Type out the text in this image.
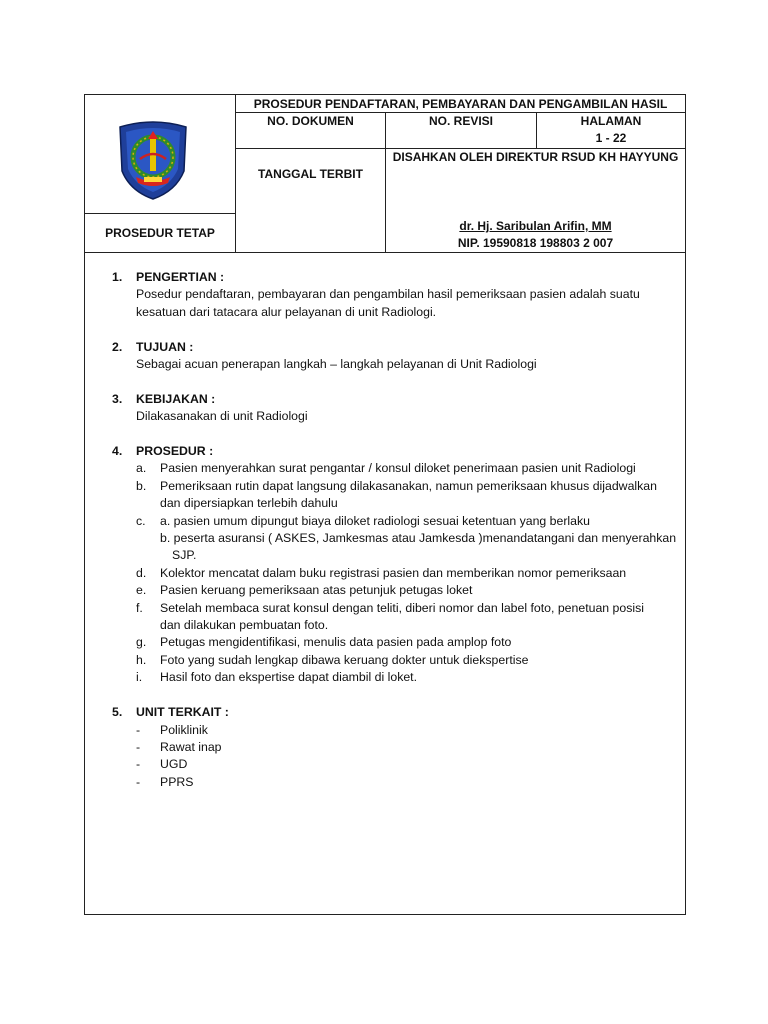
PROSEDUR PENDAFTARAN, PEMBAYARAN DAN PENGAMBILAN HASIL
NO. DOKUMEN	NO. REVISI	HALAMAN
1 - 22
TANGGAL TERBIT
DISAHKAN OLEH DIREKTUR RSUD KH HAYYUNG
dr. Hj. Saribulan Arifin, MM
NIP. 19590818 198803 2 007
PROSEDUR TETAP
1.	PENGERTIAN :
Posedur pendaftaran, pembayaran dan pengambilan hasil pemeriksaan pasien adalah suatu
kesatuan dari tatacara alur pelayanan di unit Radiologi.
2.	TUJUAN :
Sebagai acuan penerapan langkah – langkah pelayanan di Unit Radiologi
3.	KEBIJAKAN :
Dilakasanakan di unit Radiologi
4.	PROSEDUR :
a.	Pasien menyerahkan surat pengantar / konsul diloket penerimaan pasien unit Radiologi
b.	Pemeriksaan rutin dapat langsung dilakasanakan, namun pemeriksaan khusus dijadwalkan
dan dipersiapkan terlebih dahulu
c.	a. pasien umum dipungut biaya diloket radiologi sesuai ketentuan yang berlaku
b. peserta asuransi ( ASKES, Jamkesmas atau Jamkesda )menandatangani dan menyerahkan
SJP.
d.	Kolektor mencatat dalam buku registrasi pasien dan memberikan nomor pemeriksaan
e.	Pasien keruang pemeriksaan atas petunjuk petugas loket
f.	Setelah membaca surat konsul dengan teliti, diberi nomor dan label foto, penetuan posisi
dan dilakukan pembuatan foto.
g.	Petugas mengidentifikasi, menulis data pasien pada amplop foto
h.	Foto yang sudah lengkap dibawa keruang dokter untuk diekspertise
i.	Hasil foto dan ekspertise dapat diambil di loket.
5.	UNIT TERKAIT :
-	Poliklinik
-	Rawat inap
-	UGD
-	PPRS
